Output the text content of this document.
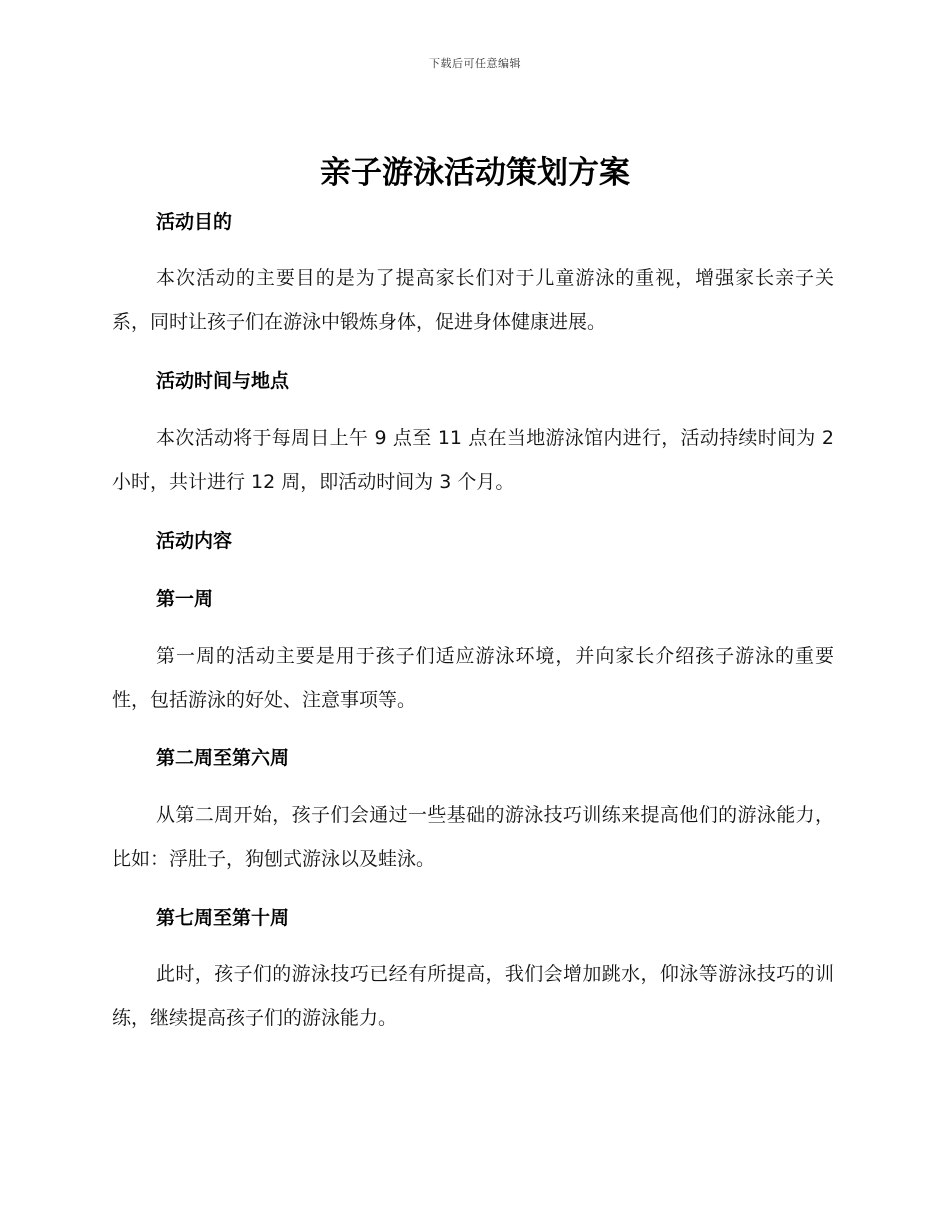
下载后可任意编辑
亲子游泳活动策划方案
活动目的

本次活动的主要目的是为了提高家长们对于儿童游泳的重视，增强家长亲子关系，同时让孩子们在游泳中锻炼身体，促进身体健康进展。

活动时间与地点

本次活动将于每周日上午 9 点至 11 点在当地游泳馆内进行，活动持续时间为 2 小时，共计进行 12 周，即活动时间为 3 个月。

活动内容
第一周

第一周的活动主要是用于孩子们适应游泳环境，并向家长介绍孩子游泳的重要性，包括游泳的好处、注意事项等。

第二周至第六周

从第二周开始，孩子们会通过一些基础的游泳技巧训练来提高他们的游泳能力，比如：浮肚子，狗刨式游泳以及蛙泳。

第七周至第十周

此时，孩子们的游泳技巧已经有所提高，我们会增加跳水，仰泳等游泳技巧的训练，继续提高孩子们的游泳能力。
